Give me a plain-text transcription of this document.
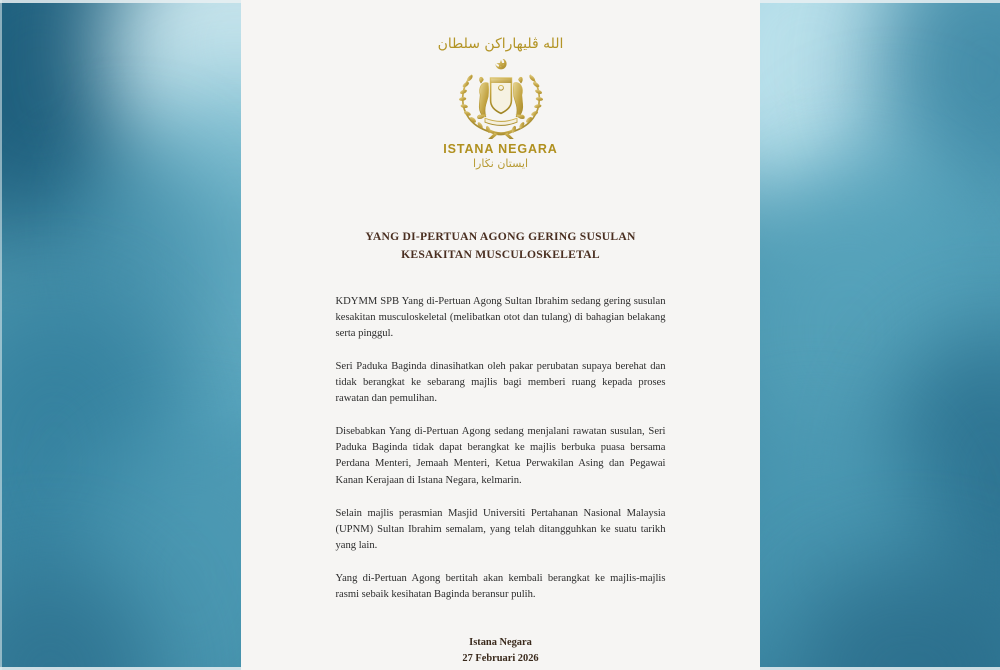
الله ڤليهاراكن سلطان
ISTANA NEGARA
ايستان نڬارا
YANG DI-PERTUAN AGONG GERING SUSULAN
KESAKITAN MUSCULOSKELETAL

KDYMM SPB Yang di-Pertuan Agong Sultan Ibrahim sedang gering susulan kesakitan musculoskeletal (melibatkan otot dan tulang) di bahagian belakang serta pinggul.

Seri Paduka Baginda dinasihatkan oleh pakar perubatan supaya berehat dan tidak berangkat ke sebarang majlis bagi memberi ruang kepada proses rawatan dan pemulihan.

Disebabkan Yang di-Pertuan Agong sedang menjalani rawatan susulan, Seri Paduka Baginda tidak dapat berangkat ke majlis berbuka puasa bersama Perdana Menteri, Jemaah Menteri, Ketua Perwakilan Asing dan Pegawai Kanan Kerajaan di Istana Negara, kelmarin.

Selain majlis perasmian Masjid Universiti Pertahanan Nasional Malaysia (UPNM) Sultan Ibrahim semalam, yang telah ditangguhkan ke suatu tarikh yang lain.

Yang di-Pertuan Agong bertitah akan kembali berangkat ke majlis-majlis rasmi sebaik kesihatan Baginda beransur pulih.

Istana Negara
27 Februari 2026
